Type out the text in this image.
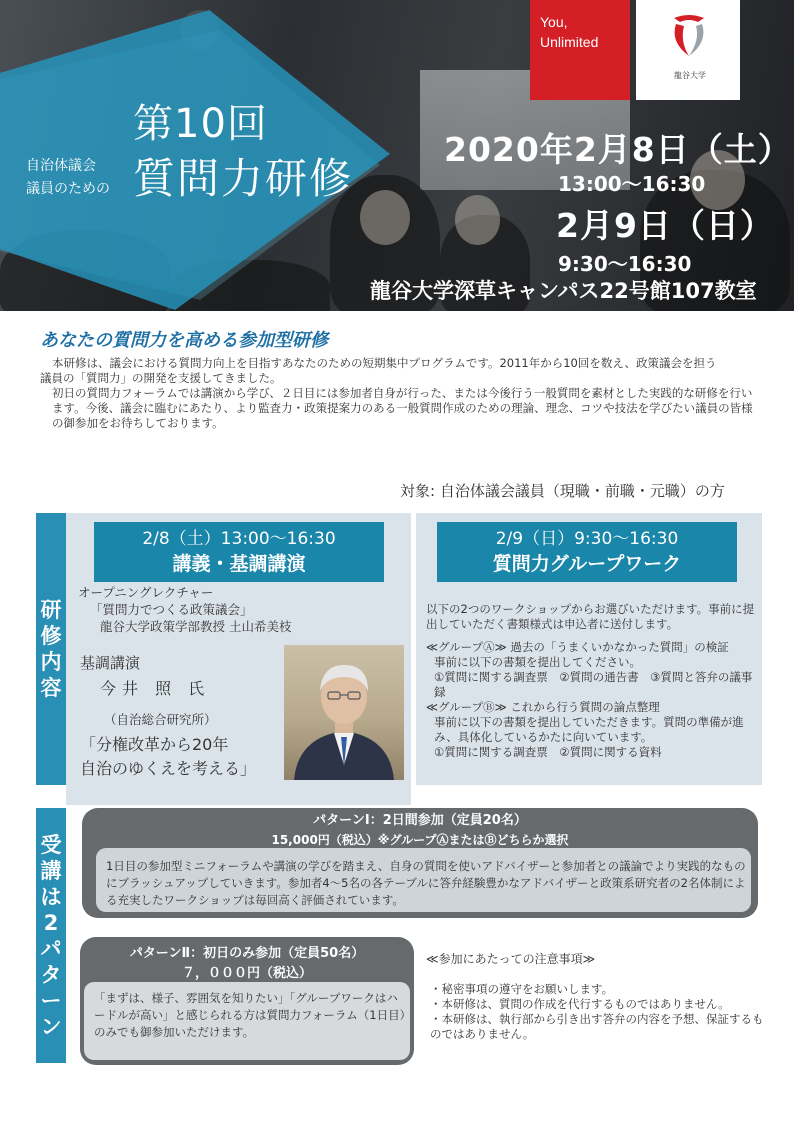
You,
Unlimited
龍谷大学
自治体議会
議員のための
第10回
質問力研修
2020年2月8日（土）
13:00～16:30
2月9日（日）
9:30～16:30
龍谷大学深草キャンパス22号館107教室
あなたの質問力を高める参加型研修

本研修は、議会における質問力向上を目指すあなたのための短期集中プログラムです。2011年から10回を数え、政策議会を担う

議員の「質問力」の開発を支援してきました。

初日の質問力フォーラムでは講演から学び、２日目には参加者自身が行った、または今後行う一般質問を素材とした実践的な研修を行います。今後、議会に臨むにあたり、より監査力・政策提案力のある一般質問作成のための理論、理念、コツや技法を学びたい議員の皆様の御参加をお待ちしております。

対象: 自治体議会議員（現職・前職・元職）の方
研修内容
2/8（土）13:00～16:30
講義・基調講演
オープニングレクチャー
「質問力でつくる政策議会」
龍谷大学政策学部教授 土山希美枝
基調講演
今井 照 氏
（自治総合研究所）
「分権改革から20年
自治のゆくえを考える」
2/9（日）9:30～16:30
質問力グループワーク

以下の2つのワークショップからお選びいただけます。事前に提出していただく書類様式は申込者に送付します。

≪グループⒶ≫ 過去の「うまくいかなかった質問」の検証

事前に以下の書類を提出してください。

①質問に関する調査票　②質問の通告書　③質問と答弁の議事録

≪グループⒷ≫ これから行う質問の論点整理

事前に以下の書類を提出していただきます。質問の準備が進み、具体化しているかたに向いています。

①質問に関する調査票　②質問に関する資料

受講は2パターン
パターンⅠ：2日間参加（定員20名）
15,000円（税込）※グループⒶまたはⒷどちらか選択
1日目の参加型ミニフォーラムや講演の学びを踏まえ、自身の質問を使いアドバイザーと参加者との議論でより実践的なものにブラッシュアップしていきます。参加者4～5名の各テーブルに答弁経験豊かなアドバイザーと政策系研究者の2名体制による充実したワークショップは毎回高く評価されています。
パターンⅡ：初日のみ参加（定員50名）
７，０００円（税込）
「まずは、様子、雰囲気を知りたい」「グループワークはハードルが高い」と感じられる方は質問力フォーラム（1日目）のみでも御参加いただけます。
≪参加にあたっての注意事項≫
・秘密事項の遵守をお願いします。
・本研修は、質問の作成を代行するものではありません。
・本研修は、執行部から引き出す答弁の内容を予想、保証するものではありません。
